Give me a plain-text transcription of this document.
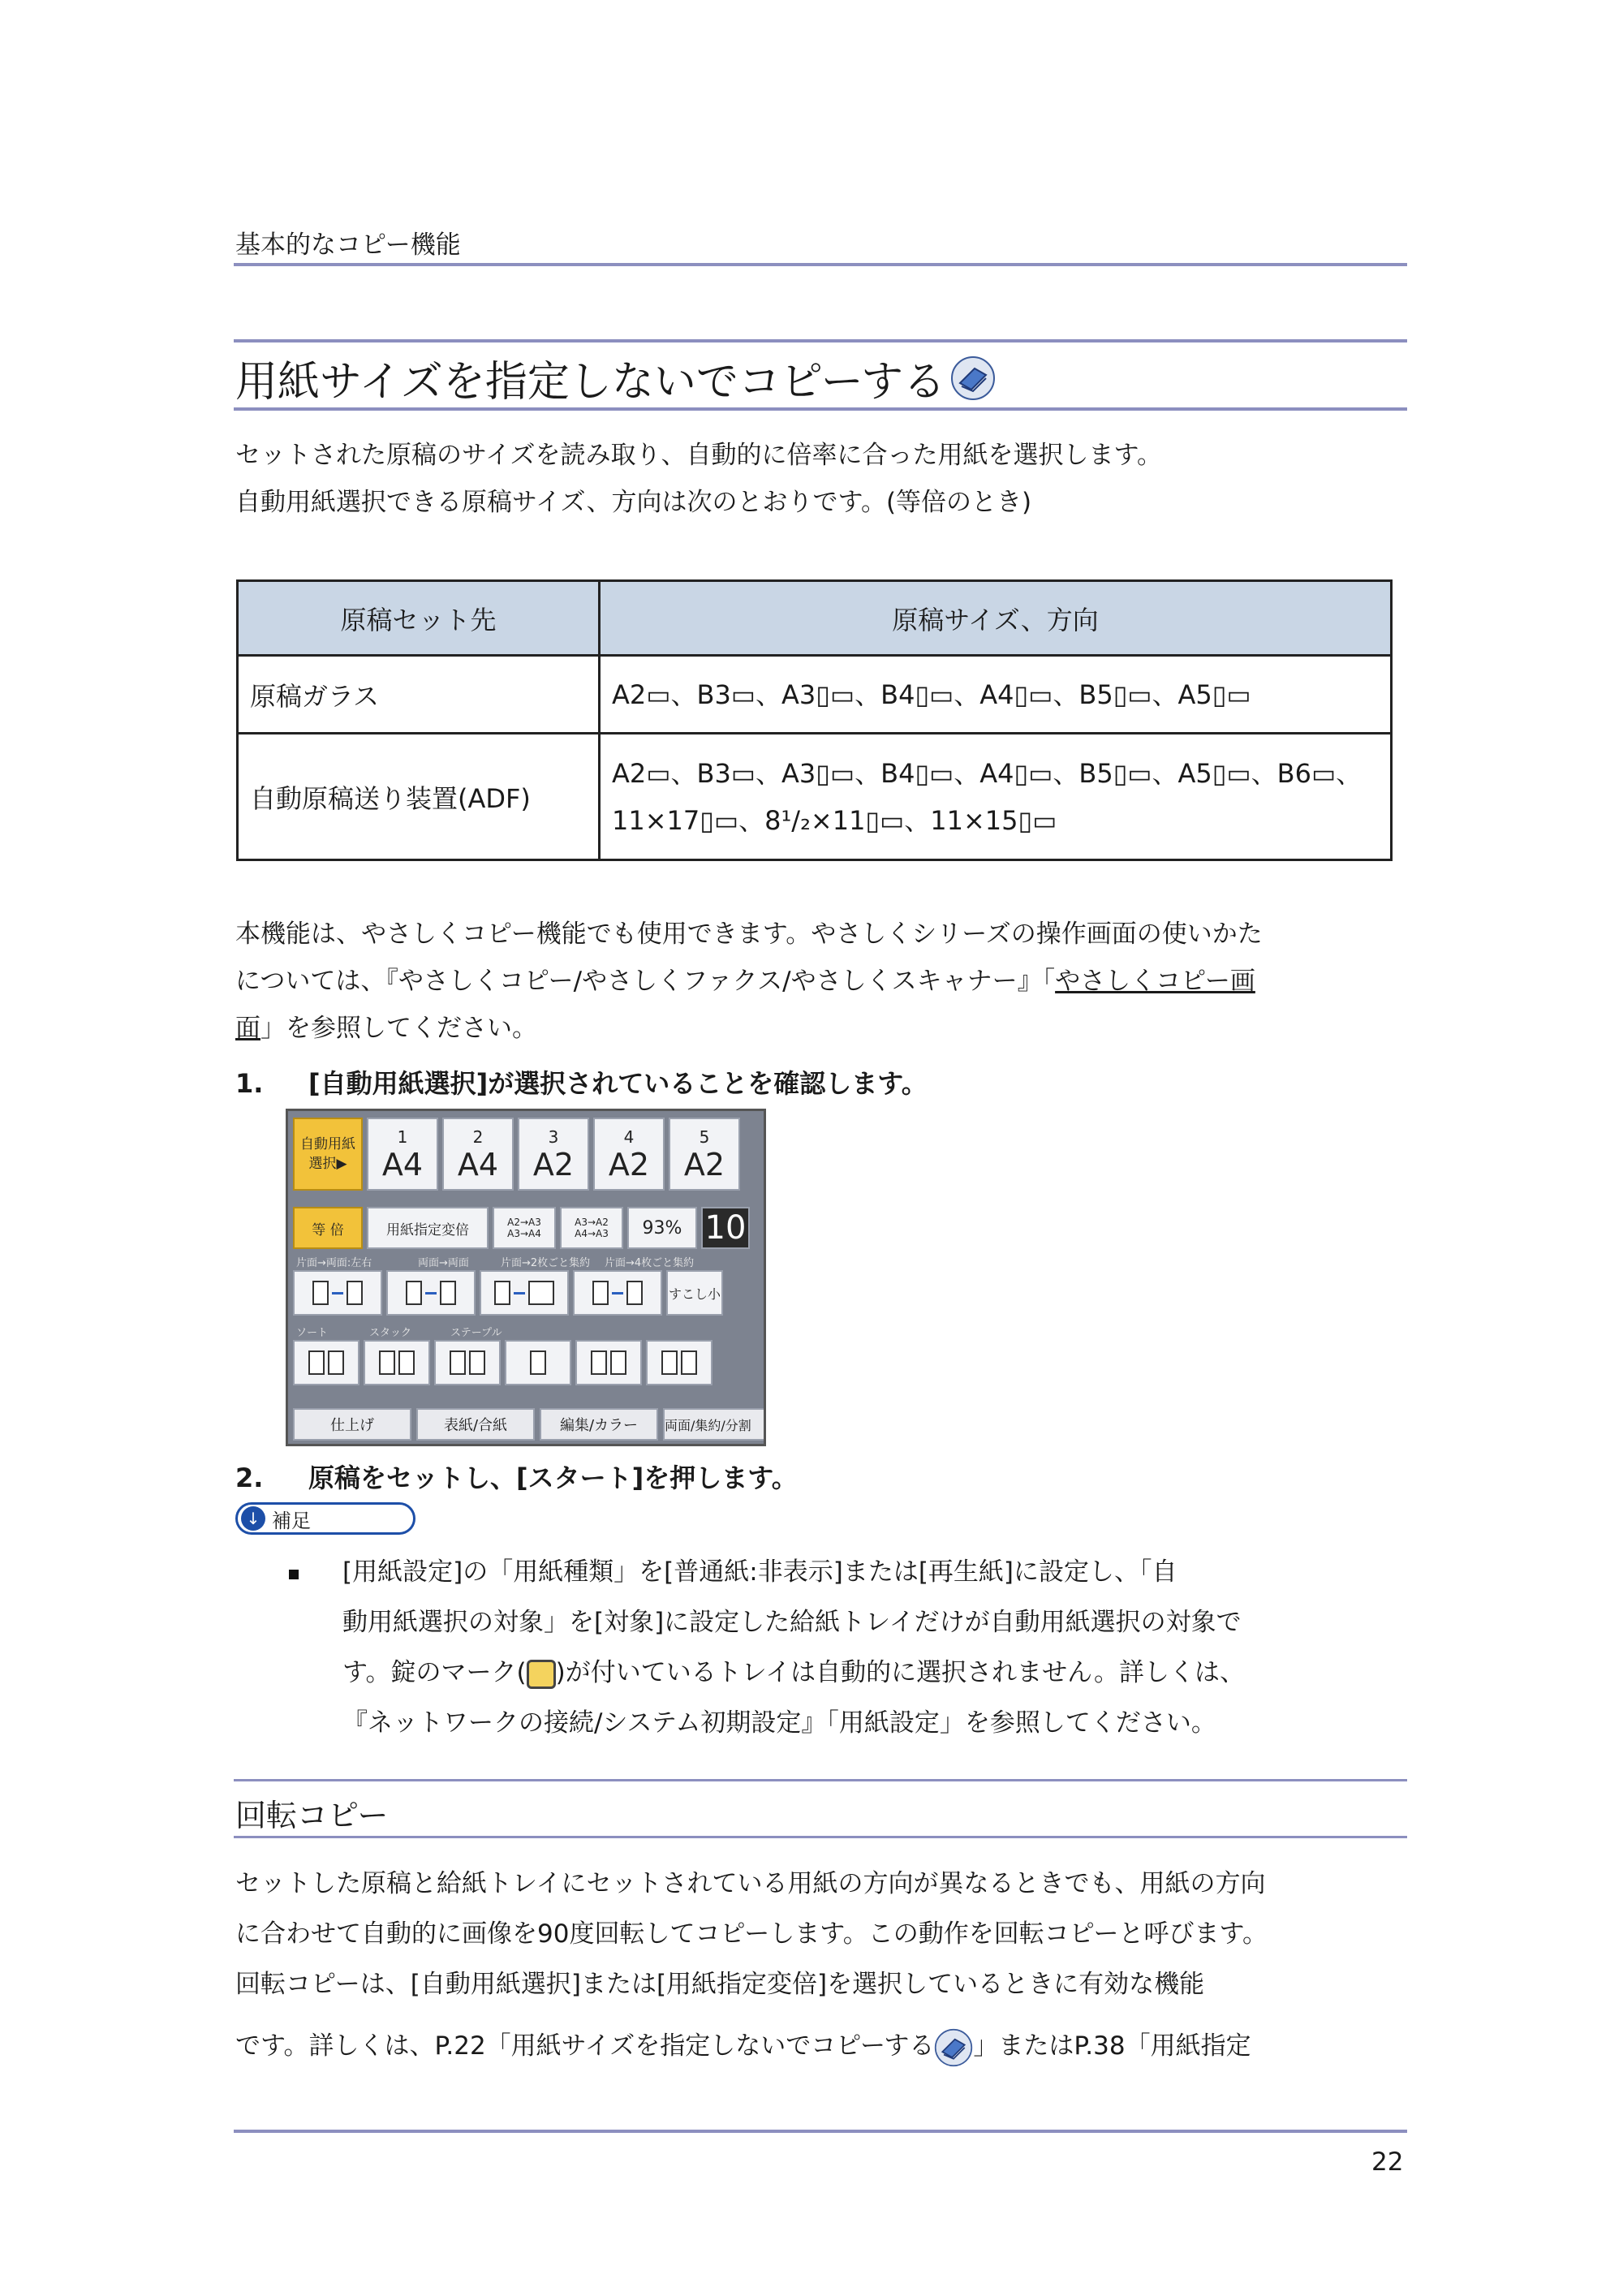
基本的なコピー機能
用紙サイズを指定しないでコピーする
セットされた原稿のサイズを読み取り、自動的に倍率に合った用紙を選択します。
自動用紙選択できる原稿サイズ、方向は次のとおりです。(等倍のとき)
原稿セット先	原稿サイズ、方向
原稿ガラス	A2▭、B3▭、A3▯▭、B4▯▭、A4▯▭、B5▯▭、A5▯▭
自動原稿送り装置(ADF)	A2▭、B3▭、A3▯▭、B4▯▭、A4▯▭、B5▯▭、A5▯▭、B6▭、
11×17▯▭、8¹/₂×11▯▭、11×15▯▭
本機能は、やさしくコピー機能でも使用できます。やさしくシリーズの操作画面の使いかた
については、『やさしくコピー/やさしくファクス/やさしくスキャナー』「やさしくコピー画
面」を参照してください。
1. [自動用紙選択]が選択されていることを確認します。
自動用紙
選択▶
1
A4
2
A4
3
A2
4
A2
5
A2
等 倍	用紙指定変倍	A2→A3 A3→A4
A3→A2 A4→A3	93% 10
片面→両面:左右	両面→両面	片面→2枚ごと集約 片面→4枚ごと集約
すこし小
ソート	スタック	ステープル
仕上げ	表紙/合紙	編集/カラー	両面/集約/分割
2. 原稿をセットし、[スタート]を押します。
↓ 補足
[用紙設定]の「用紙種類」を[普通紙:非表示]または[再生紙]に設定し、「自
動用紙選択の対象」を[対象]に設定した給紙トレイだけが自動用紙選択の対象で
す。錠のマーク( )が付いているトレイは自動的に選択されません。詳しくは、
『ネットワークの接続/システム初期設定』「用紙設定」を参照してください。
回転コピー
セットした原稿と給紙トレイにセットされている用紙の方向が異なるときでも、用紙の方向
に合わせて自動的に画像を90度回転してコピーします。この動作を回転コピーと呼びます。
回転コピーは、[自動用紙選択]または[用紙指定変倍]を選択しているときに有効な機能
です。詳しくは、P.22「用紙サイズを指定しないでコピーする 」またはP.38「用紙指定
22
